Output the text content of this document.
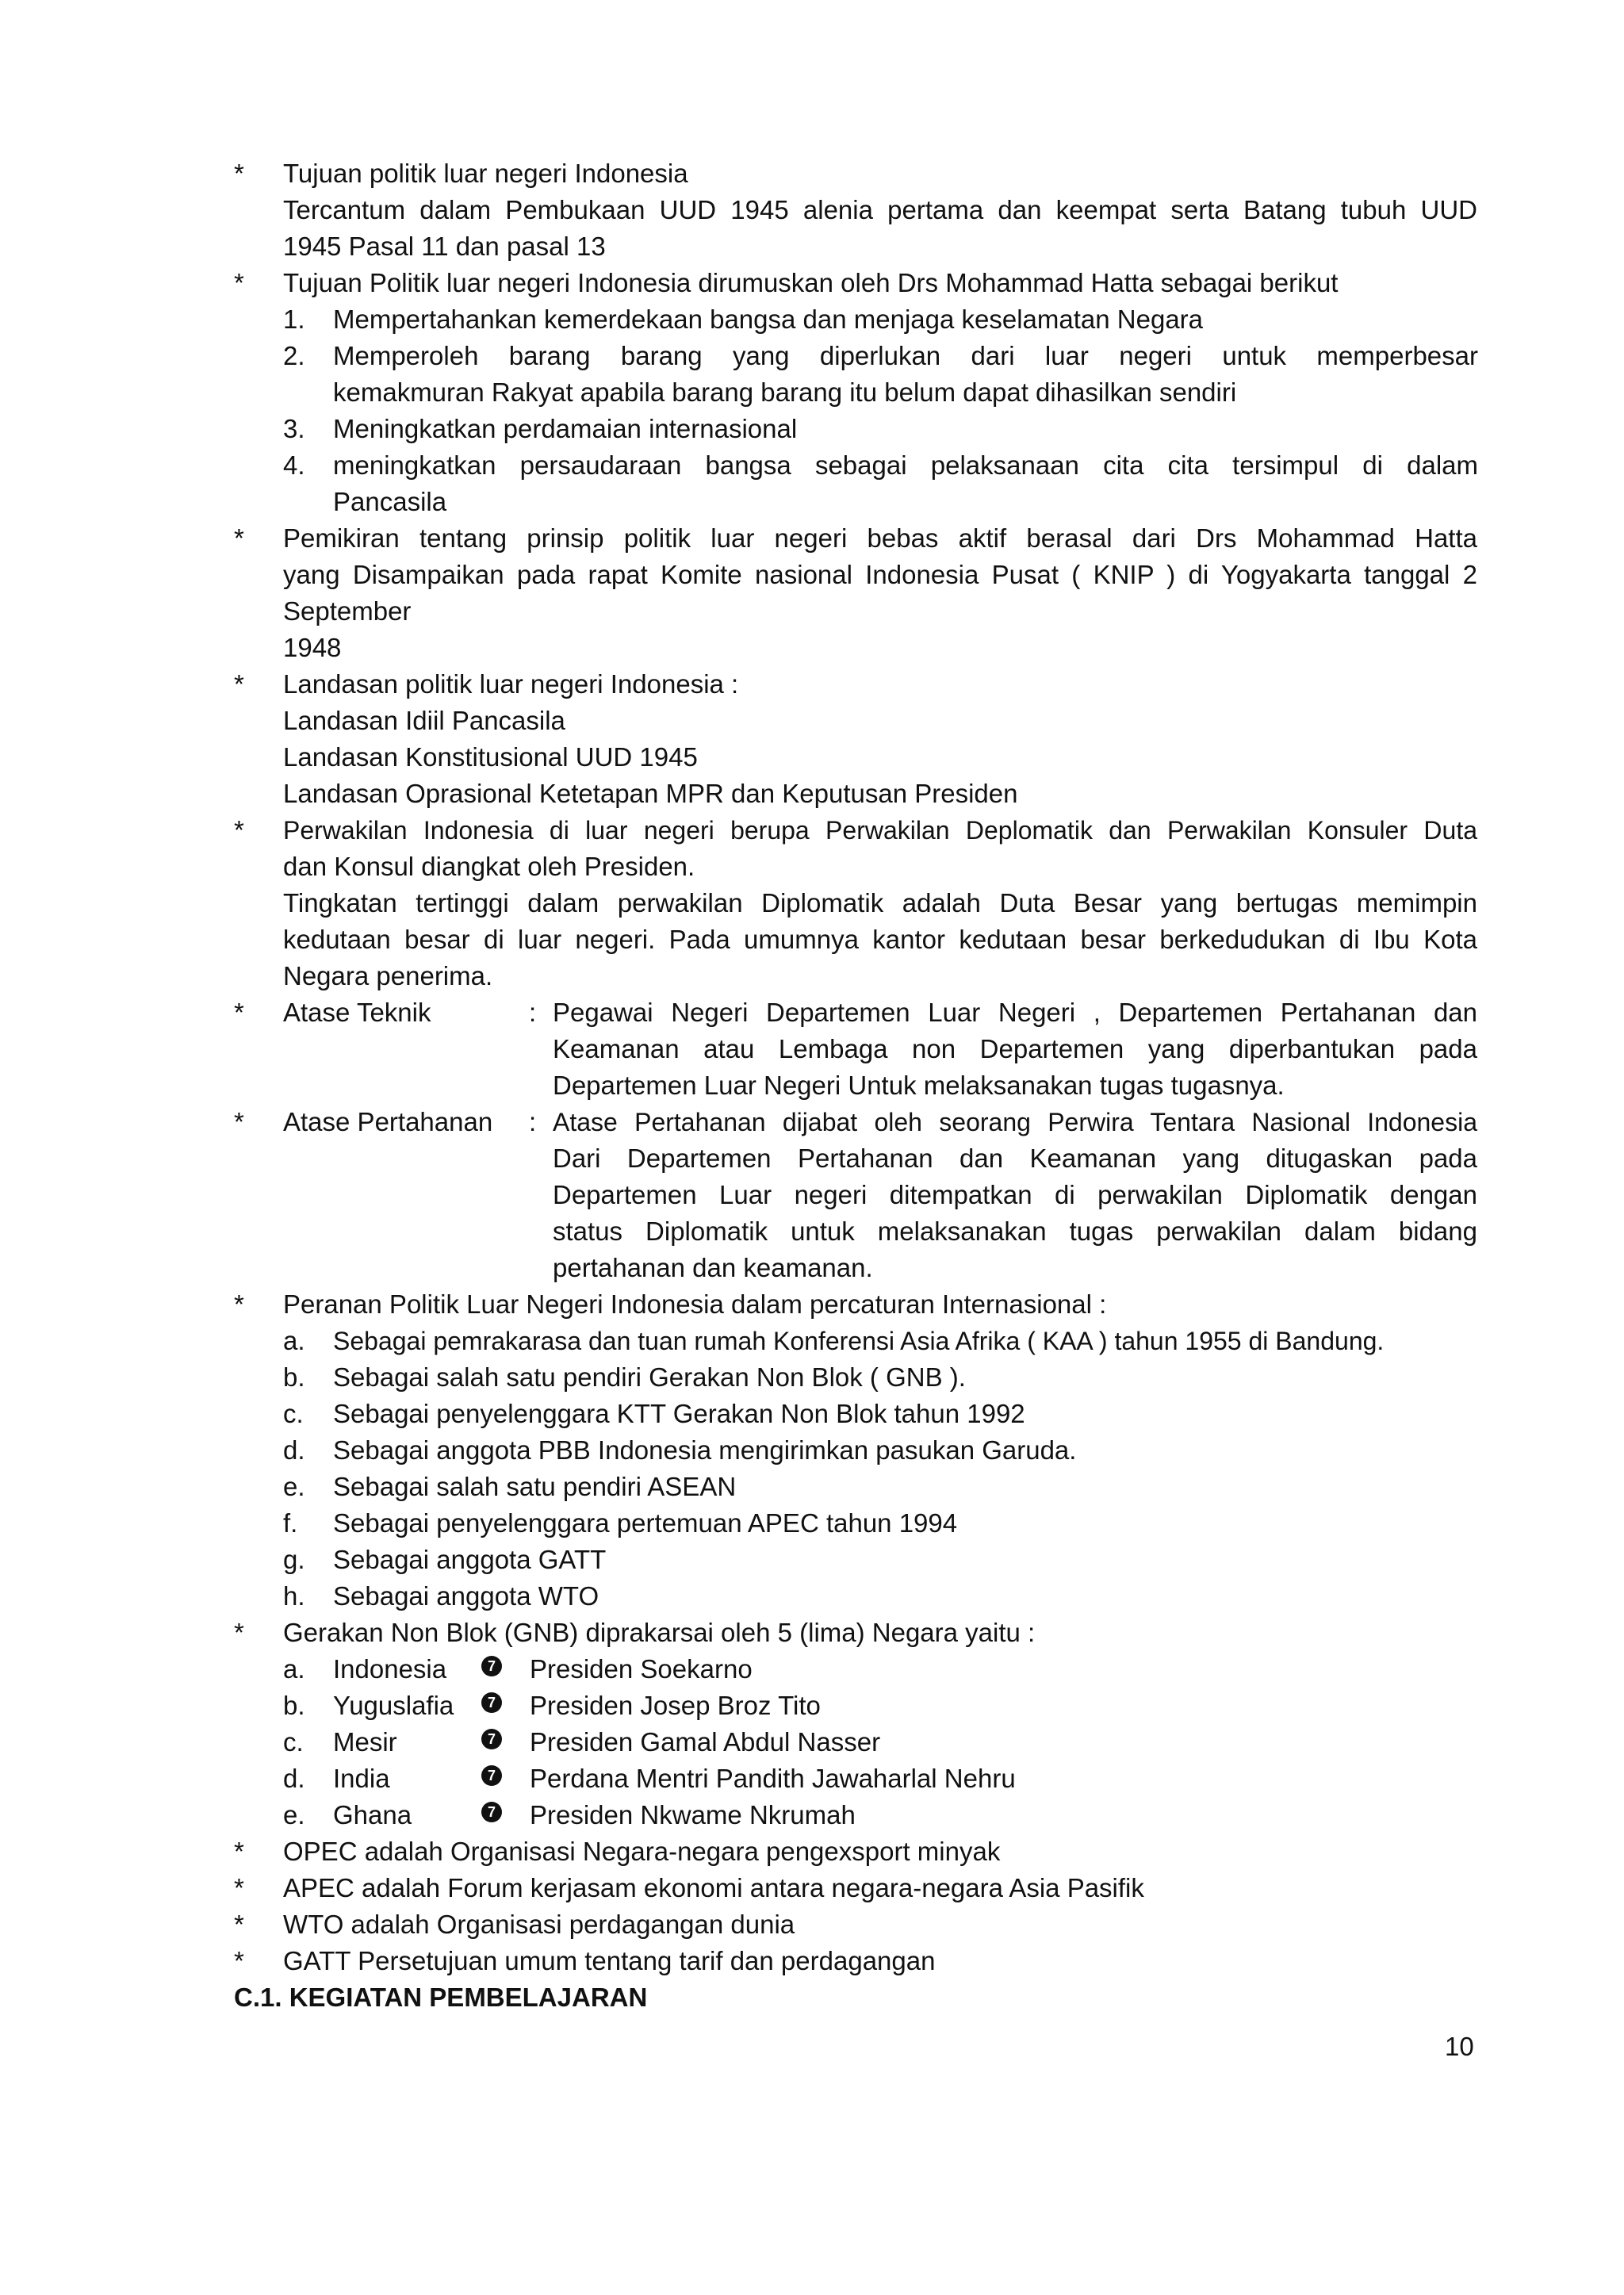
* Tujuan politik luar negeri Indonesia
Tercantum dalam Pembukaan UUD 1945 alenia pertama dan keempat serta Batang tubuh UUD
1945 Pasal 11 dan pasal 13
* Tujuan Politik luar negeri Indonesia dirumuskan oleh Drs Mohammad Hatta sebagai berikut
1. Mempertahankan kemerdekaan bangsa dan menjaga keselamatan Negara
2. Memperoleh barang barang yang diperlukan dari luar negeri untuk memperbesar
kemakmuran Rakyat apabila barang barang itu belum dapat dihasilkan sendiri
3. Meningkatkan perdamaian internasional
4. meningkatkan persaudaraan bangsa sebagai pelaksanaan cita cita tersimpul di dalam
Pancasila
* Pemikiran tentang prinsip politik luar negeri bebas aktif berasal dari Drs Mohammad Hatta
yang Disampaikan pada rapat Komite nasional Indonesia Pusat ( KNIP ) di Yogyakarta tanggal 2
September
1948
* Landasan politik luar negeri Indonesia :
Landasan Idiil Pancasila
Landasan Konstitusional UUD 1945
Landasan Oprasional Ketetapan MPR dan Keputusan Presiden
* Perwakilan Indonesia di luar negeri berupa Perwakilan Deplomatik dan Perwakilan Konsuler Duta
dan Konsul diangkat oleh Presiden.
Tingkatan tertinggi dalam perwakilan Diplomatik adalah Duta Besar yang bertugas memimpin
kedutaan besar di luar negeri. Pada umumnya kantor kedutaan besar berkedudukan di Ibu Kota
Negara penerima.
* Atase Teknik	: Pegawai Negeri Departemen Luar Negeri , Departemen Pertahanan dan
Keamanan atau Lembaga non Departemen yang diperbantukan pada
Departemen Luar Negeri Untuk melaksanakan tugas tugasnya.
* Atase Pertahanan : Atase Pertahanan dijabat oleh seorang Perwira Tentara Nasional Indonesia
Dari Departemen Pertahanan dan Keamanan yang ditugaskan pada
Departemen Luar negeri ditempatkan di perwakilan Diplomatik dengan
status Diplomatik untuk melaksanakan tugas perwakilan dalam bidang
pertahanan dan keamanan.
* Peranan Politik Luar Negeri Indonesia dalam percaturan Internasional :
a. Sebagai pemrakarasa dan tuan rumah Konferensi Asia Afrika ( KAA ) tahun 1955 di Bandung.
b. Sebagai salah satu pendiri Gerakan Non Blok ( GNB ).
c. Sebagai penyelenggara KTT Gerakan Non Blok tahun 1992
d. Sebagai anggota PBB Indonesia mengirimkan pasukan Garuda.
e. Sebagai salah satu pendiri ASEAN
f. Sebagai penyelenggara pertemuan APEC tahun 1994
g. Sebagai anggota GATT
h. Sebagai anggota WTO
* Gerakan Non Blok (GNB) diprakarsai oleh 5 (lima) Negara yaitu :
a. Indonesia	7 Presiden Soekarno
b. Yuguslafia	7 Presiden Josep Broz Tito
c. Mesir	7 Presiden Gamal Abdul Nasser
d. India	7 Perdana Mentri Pandith Jawaharlal Nehru
e. Ghana	7 Presiden Nkwame Nkrumah
* OPEC adalah Organisasi Negara-negara pengexsport minyak
* APEC adalah Forum kerjasam ekonomi antara negara-negara Asia Pasifik
* WTO adalah Organisasi perdagangan dunia
* GATT Persetujuan umum tentang tarif dan perdagangan
C.1. KEGIATAN PEMBELAJARAN
10
